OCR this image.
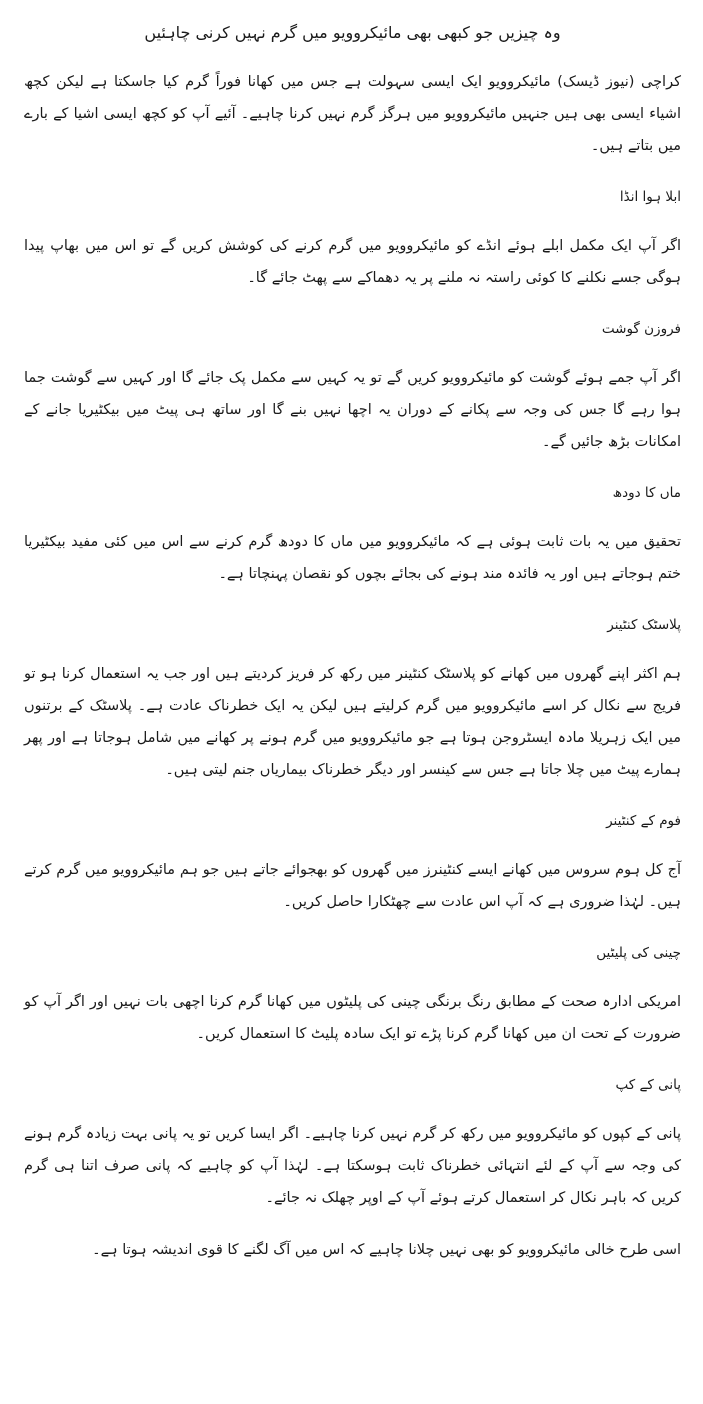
وہ چیزیں جو کبھی بھی مائیکروویو میں گرم نہیں کرنی چاہئیں

کراچی (نیوز ڈیسک) مائیکروویو ایک ایسی سہولت ہے جس میں کھانا فوراً گرم کیا جاسکتا ہے لیکن کچھ اشیاء ایسی بھی ہیں جنہیں مائیکروویو میں ہرگز گرم نہیں کرنا چاہیے۔ آئیے آپ کو کچھ ایسی اشیا کے بارے میں بتاتے ہیں۔

ابلا ہوا انڈا

اگر آپ ایک مکمل ابلے ہوئے انڈے کو مائیکروویو میں گرم کرنے کی کوشش کریں گے تو اس میں بھاپ پیدا ہوگی جسے نکلنے کا کوئی راستہ نہ ملنے پر یہ دھماکے سے پھٹ جائے گا۔

فروزن گوشت

اگر آپ جمے ہوئے گوشت کو مائیکروویو کریں گے تو یہ کہیں سے مکمل پک جائے گا اور کہیں سے گوشت جما ہوا رہے گا جس کی وجہ سے پکانے کے دوران یہ اچھا نہیں بنے گا اور ساتھ ہی پیٹ میں بیکٹیریا جانے کے امکانات بڑھ جائیں گے۔

ماں کا دودھ

تحقیق میں یہ بات ثابت ہوئی ہے کہ مائیکروویو میں ماں کا دودھ گرم کرنے سے اس میں کئی مفید بیکٹیریا ختم ہوجاتے ہیں اور یہ فائدہ مند ہونے کی بجائے بچوں کو نقصان پہنچاتا ہے۔

پلاسٹک کنٹینر

ہم اکثر اپنے گھروں میں کھانے کو پلاسٹک کنٹینر میں رکھ کر فریز کردیتے ہیں اور جب یہ استعمال کرنا ہو تو فریج سے نکال کر اسے مائیکروویو میں گرم کرلیتے ہیں لیکن یہ ایک خطرناک عادت ہے۔ پلاسٹک کے برتنوں میں ایک زہریلا مادہ ایسٹروجن ہوتا ہے جو مائیکروویو میں گرم ہونے پر کھانے میں شامل ہوجاتا ہے اور پھر ہمارے پیٹ میں چلا جاتا ہے جس سے کینسر اور دیگر خطرناک بیماریاں جنم لیتی ہیں۔

فوم کے کنٹینر

آج کل ہوم سروس میں کھانے ایسے کنٹینرز میں گھروں کو بھجوائے جاتے ہیں جو ہم مائیکروویو میں گرم کرتے ہیں۔ لہٰذا ضروری ہے کہ آپ اس عادت سے چھٹکارا حاصل کریں۔

چینی کی پلیٹیں

امریکی ادارہ صحت کے مطابق رنگ برنگی چینی کی پلیٹوں میں کھانا گرم کرنا اچھی بات نہیں اور اگر آپ کو ضرورت کے تحت ان میں کھانا گرم کرنا پڑے تو ایک سادہ پلیٹ کا استعمال کریں۔

پانی کے کپ

پانی کے کپوں کو مائیکروویو میں رکھ کر گرم نہیں کرنا چاہیے۔ اگر ایسا کریں تو یہ پانی بہت زیادہ گرم ہونے کی وجہ سے آپ کے لئے انتہائی خطرناک ثابت ہوسکتا ہے۔ لہٰذا آپ کو چاہیے کہ پانی صرف اتنا ہی گرم کریں کہ باہر نکال کر استعمال کرتے ہوئے آپ کے اوپر چھلک نہ جائے۔

اسی طرح خالی مائیکروویو کو بھی نہیں چلانا چاہیے کہ اس میں آگ لگنے کا قوی اندیشہ ہوتا ہے۔
